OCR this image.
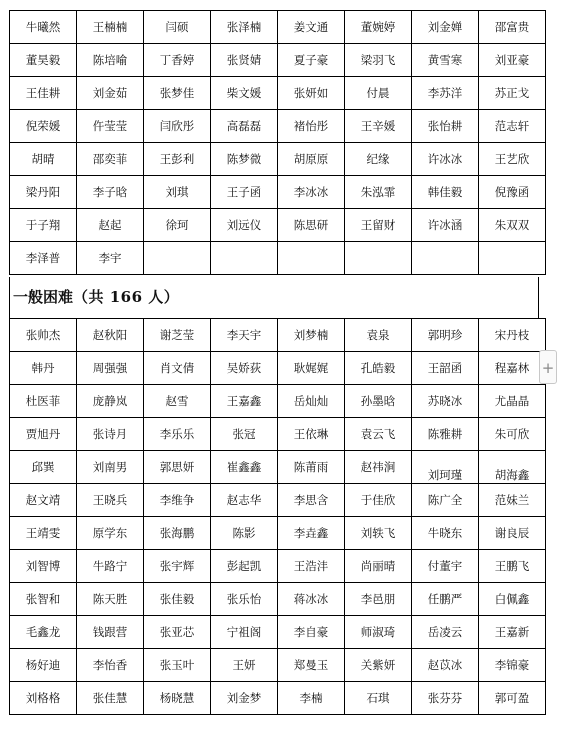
牛曦然	王楠楠	闫硕	张泽楠	姜文通	董婉婷	刘金婵	邵富贵
董昊毅	陈培喻	丁香婷	张贤婧	夏子豪	梁羽飞	黄雪寒	刘亚豪
王佳耕	刘金茹	张梦佳	柴文媛	张妍如	付晨	李苏洋	苏正戈
倪荣媛	仵莹莹	闫欣彤	高磊磊	褚怡彤	王辛媛	张怡耕	范志轩
胡晴	邵奕菲	王彭利	陈梦微	胡原原	纪缘	许冰冰	王艺欣
梁丹阳	李子晗	刘琪	王子函	李冰冰	朱泓霏	韩佳毅	倪豫函
于子翔	赵起	徐珂	刘远仪	陈思研	王留财	许冰涵	朱双双
李泽普	李宇						
一般困难（共 166 人）
张帅杰	赵秋阳	谢芝莹	李天宇	刘梦楠	袁泉	郭明珍	宋丹枝
韩丹	周强强	肖文倩	吴娇荻	耿娓娓	孔皓毅	王韶函	程嘉林
杜医菲	庞静岚	赵雪	王嘉鑫	岳灿灿	孙墨晗	苏晓冰	尤晶晶
贾旭丹	张诗月	李乐乐	张冠	王依琳	袁云飞	陈雅耕	朱可欣
邱巽	刘南男	郭思妍	崔鑫鑫	陈莆雨	赵祎涧	刘珂瑾	胡海鑫
赵文靖	王晓兵	李维争	赵志华	李思含	于佳欣	陈广全	范妹兰
王靖雯	原学东	张海鹏	陈影	李垚鑫	刘轶飞	牛晓东	谢良辰
刘智博	牛路宁	张宇辉	彭起凯	王浩沣	尚丽晴	付董宇	王鹏飞
张智和	陈天胜	张佳毅	张乐怡	蒋冰冰	李邑朋	任鹏严	白佩鑫
毛鑫龙	钱跟营	张亚芯	宁祖阁	李自豪	师淑琦	岳凌云	王嘉新
杨好迪	李怡香	张玉叶	王妍	郑曼玉	关紫妍	赵苡冰	李锦豪
刘格格	张佳慧	杨晓慧	刘金梦	李楠	石琪	张芬芬	郭可盈
+
